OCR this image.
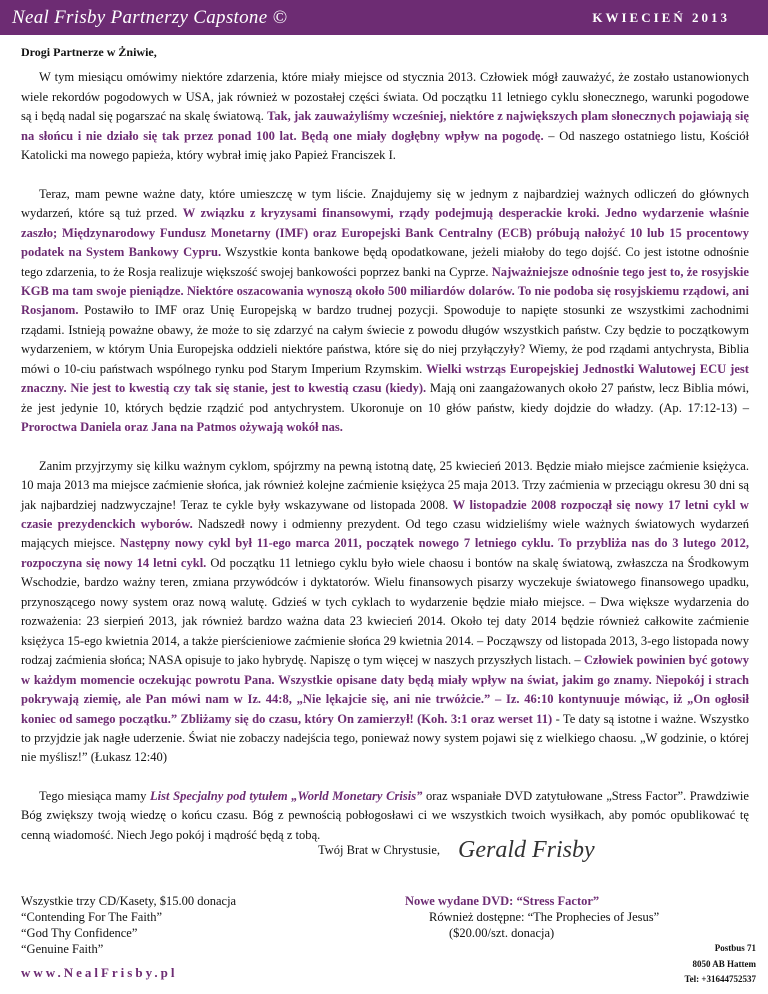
Neal Frisby Partnerzy Capstone ©	KWIECIEŃ 2013
Drogi Partnerze w Żniwie,

W tym miesiącu omówimy niektóre zdarzenia, które miały miejsce od stycznia 2013. Człowiek mógł zauważyć, że zostało ustanowionych wiele rekordów pogodowych w USA, jak również w pozostałej części świata. Od początku 11 letniego cyklu słonecznego, warunki pogodowe są i będą nadal się pogarszać na skalę światową. Tak, jak zauważyliśmy wcześniej, niektóre z największych plam słonecznych pojawiają się na słońcu i nie działo się tak przez ponad 100 lat. Będą one miały dogłębny wpływ na pogodę. – Od naszego ostatniego listu, Kościół Katolicki ma nowego papieża, który wybrał imię jako Papież Franciszek I.

Teraz, mam pewne ważne daty, które umieszczę w tym liście. Znajdujemy się w jednym z najbardziej ważnych odliczeń do głównych wydarzeń, które są tuż przed. W związku z kryzysami finansowymi, rządy podejmują desperackie kroki. Jedno wydarzenie właśnie zaszło; Międzynarodowy Fundusz Monetarny (IMF) oraz Europejski Bank Centralny (ECB) próbują nałożyć 10 lub 15 procentowy podatek na System Bankowy Cypru. Wszystkie konta bankowe będą opodatkowane, jeżeli miałoby do tego dojść. Co jest istotne odnośnie tego zdarzenia, to że Rosja realizuje większość swojej bankowości poprzez banki na Cyprze. Najważniejsze odnośnie tego jest to, że rosyjskie KGB ma tam swoje pieniądze. Niektóre oszacowania wynoszą około 500 miliardów dolarów. To nie podoba się rosyjskiemu rządowi, ani Rosjanom. Postawiło to IMF oraz Unię Europejską w bardzo trudnej pozycji. Spowoduje to napięte stosunki ze wszystkimi zachodnimi rządami. Istnieją poważne obawy, że może to się zdarzyć na całym świecie z powodu długów wszystkich państw. Czy będzie to początkowym wydarzeniem, w którym Unia Europejska oddzieli niektóre państwa, które się do niej przyłączyły? Wiemy, że pod rządami antychrysta, Biblia mówi o 10-ciu państwach wspólnego rynku pod Starym Imperium Rzymskim. Wielki wstrząs Europejskiej Jednostki Walutowej ECU jest znaczny. Nie jest to kwestią czy tak się stanie, jest to kwestią czasu (kiedy). Mają oni zaangażowanych około 27 państw, lecz Biblia mówi, że jest jedynie 10, których będzie rządzić pod antychrystem. Ukoronuje on 10 głów państw, kiedy dojdzie do władzy. (Ap. 17:12-13) – Proroctwa Daniela oraz Jana na Patmos ożywają wokół nas.

Zanim przyjrzymy się kilku ważnym cyklom, spójrzmy na pewną istotną datę, 25 kwiecień 2013. Będzie miało miejsce zaćmienie księżyca. 10 maja 2013 ma miejsce zaćmienie słońca, jak również kolejne zaćmienie księżyca 25 maja 2013. Trzy zaćmienia w przeciągu okresu 30 dni są jak najbardziej nadzwyczajne! Teraz te cykle były wskazywane od listopada 2008. W listopadzie 2008 rozpoczął się nowy 17 letni cykl w czasie prezydenckich wyborów. Nadszedł nowy i odmienny prezydent. Od tego czasu widzieliśmy wiele ważnych światowych wydarzeń mających miejsce. Następny nowy cykl był 11-ego marca 2011, początek nowego 7 letniego cyklu. To przybliża nas do 3 lutego 2012, rozpoczyna się nowy 14 letni cykl. Od początku 11 letniego cyklu było wiele chaosu i bontów na skalę światową, zwłaszcza na Środkowym Wschodzie, bardzo ważny teren, zmiana przywódców i dyktatorów. Wielu finansowych pisarzy wyczekuje światowego finansowego upadku, przynoszącego nowy system oraz nową walutę. Gdzieś w tych cyklach to wydarzenie będzie miało miejsce. – Dwa większe wydarzenia do rozważenia: 23 sierpień 2013, jak również bardzo ważna data 23 kwiecień 2014. Około tej daty 2014 będzie również całkowite zaćmienie księżyca 15-ego kwietnia 2014, a także pierścieniowe zaćmienie słońca 29 kwietnia 2014. – Począwszy od listopada 2013, 3-ego listopada nowy rodzaj zaćmienia słońca; NASA opisuje to jako hybrydę. Napiszę o tym więcej w naszych przyszłych listach. – Człowiek powinien być gotowy w każdym momencie oczekując powrotu Pana. Wszystkie opisane daty będą miały wpływ na świat, jakim go znamy. Niepokój i strach pokrywają ziemię, ale Pan mówi nam w Iz. 44:8, „Nie lękajcie się, ani nie trwóżcie.” – Iz. 46:10 kontynuuje mówiąc, iż „On ogłosił koniec od samego początku.” Zbliżamy się do czasu, który On zamierzył! (Koh. 3:1 oraz werset 11) - Te daty są istotne i ważne. Wszystko to przyjdzie jak nagłe uderzenie. Świat nie zobaczy nadejścia tego, ponieważ nowy system pojawi się z wielkiego chaosu. „W godzinie, o której nie myślisz!” (Łukasz 12:40)

Tego miesiąca mamy List Specjalny pod tytułem „World Monetary Crisis” oraz wspaniałe DVD zatytułowane „Stress Factor”. Prawdziwie Bóg zwiększy twoją wiedzę o końcu czasu. Bóg z pewnością pobłogosławi ci we wszystkich twoich wysiłkach, aby pomóc opublikować tę cenną wiadomość. Niech Jego pokój i mądrość będą z tobą.

Twój Brat w Chrystusie, Gerald Frisby
Wszystkie trzy CD/Kasety, $15.00 donacja
“Contending For The Faith”
“God Thy Confidence”
“Genuine Faith”
Nowe wydane DVD: “Stress Factor”
Również dostępne: “The Prophecies of Jesus”
($20.00/szt. donacja)
Postbus 71
8050 AB Hattem
Tel: +31644752537
www.NealFrisby.pl
